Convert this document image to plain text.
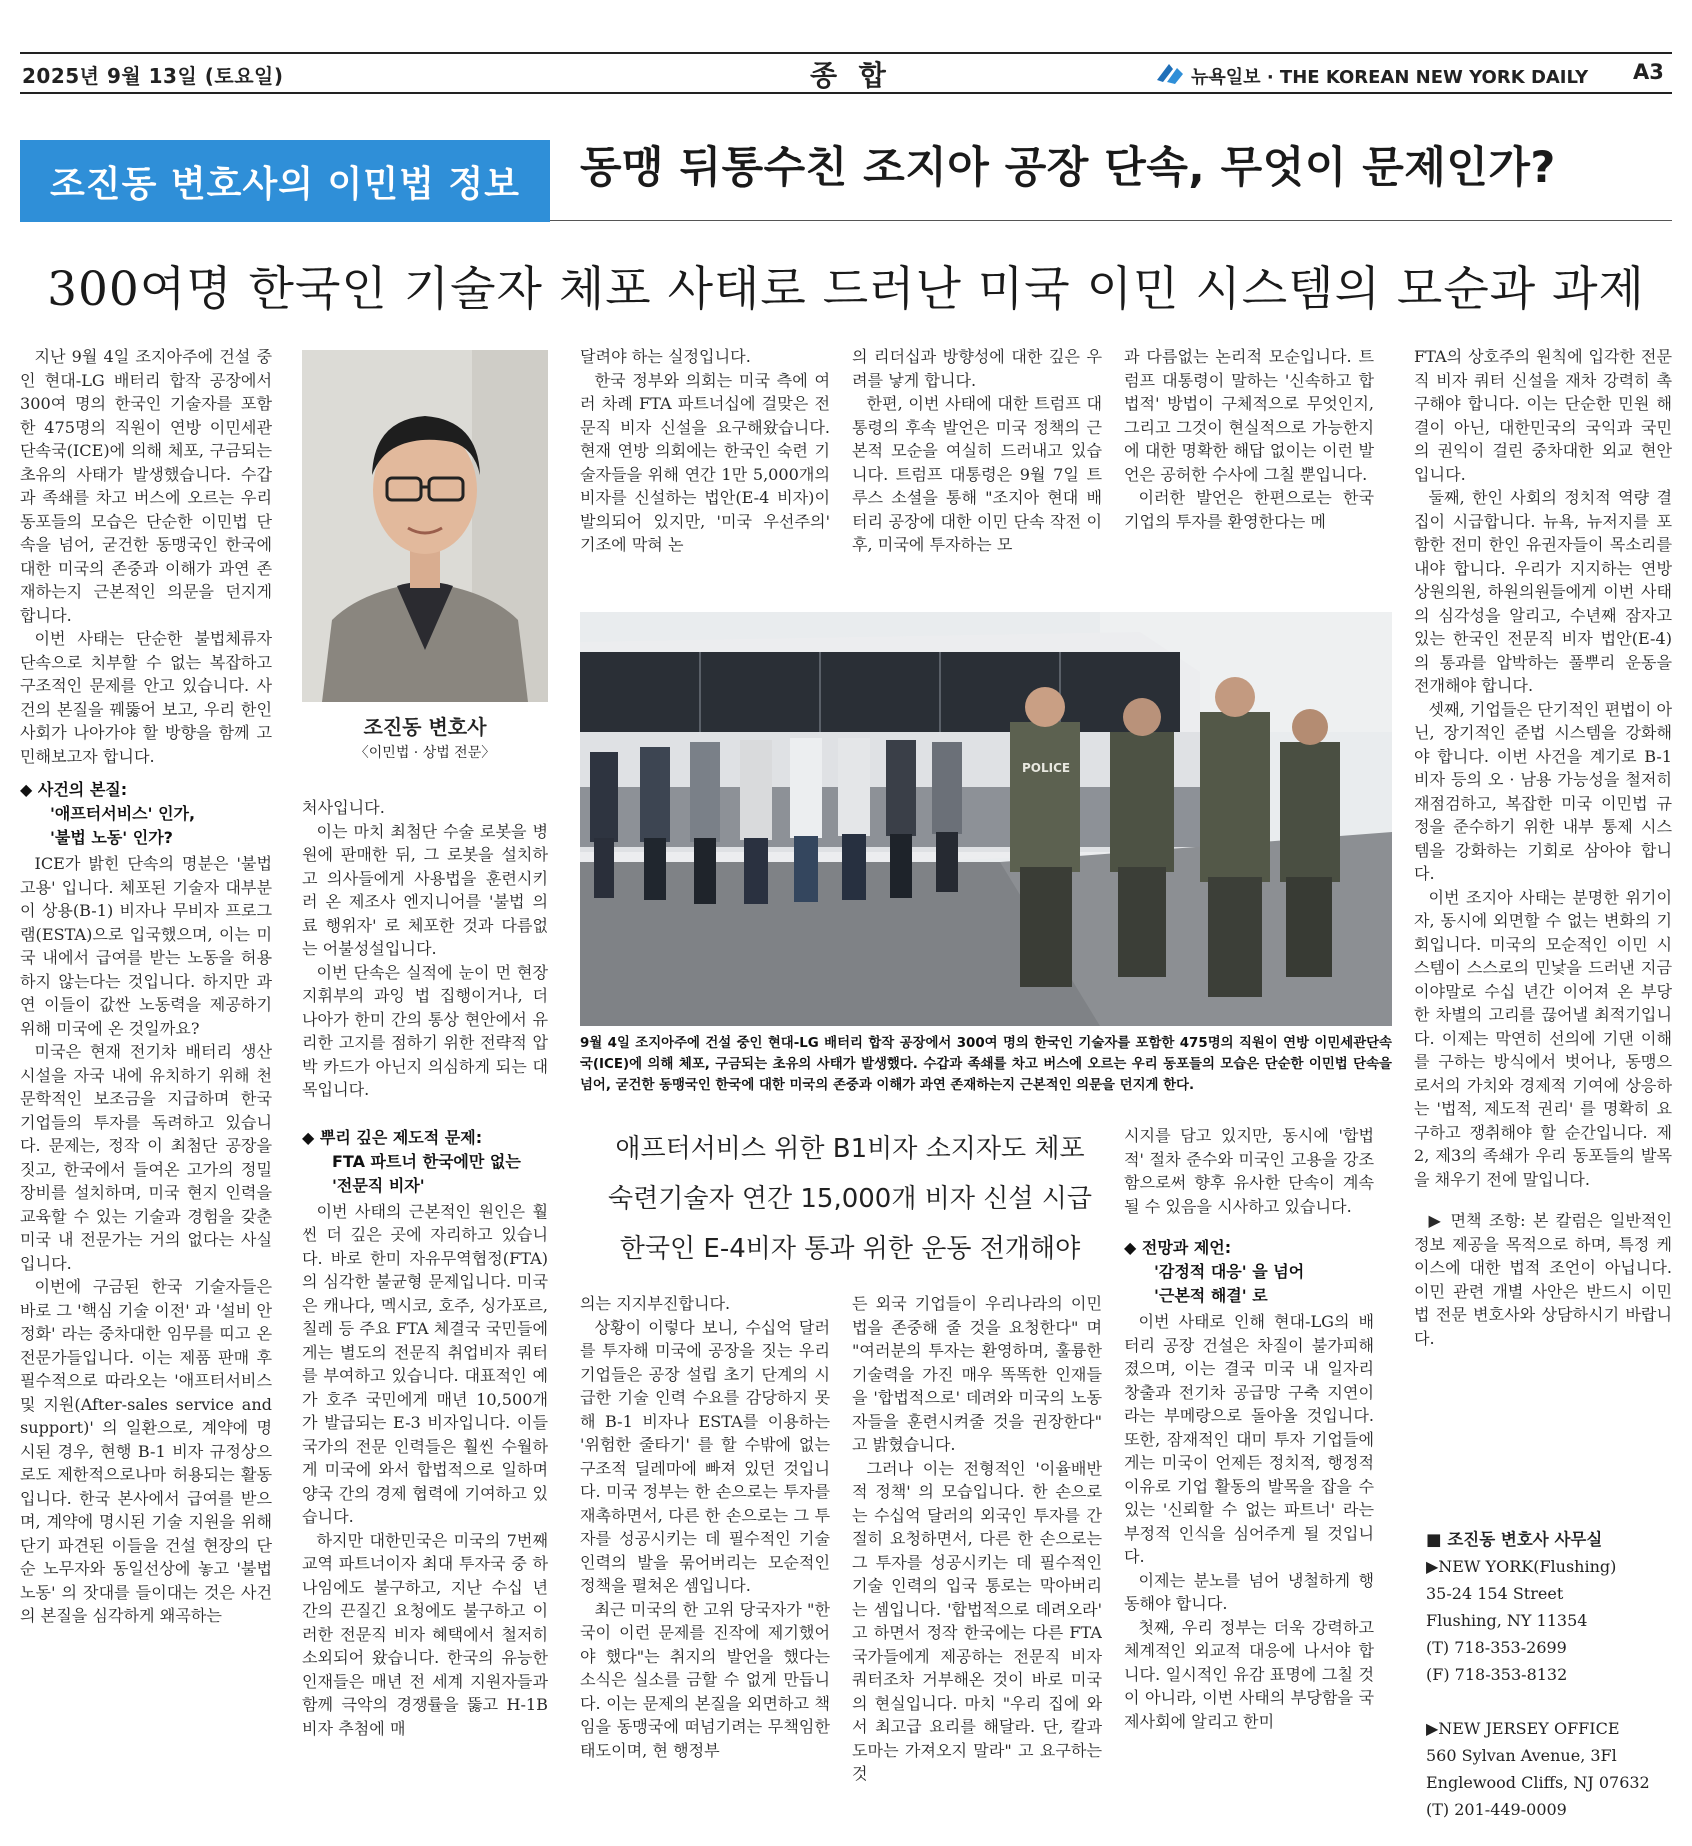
2025년 9월 13일 (토요일)	종 합	뉴욕일보 · THE KOREAN NEW YORK DAILY A3
조진동 변호사의 이민법 정보	동맹 뒤통수친 조지아 공장 단속, 무엇이 문제인가?
300여명 한국인 기술자 체포 사태로 드러난 미국 이민 시스템의 모순과 과제

지난 9월 4일 조지아주에 건설 중인 현대-LG 배터리 합작 공장에서 300여 명의 한국인 기술자를 포함한 475명의 직원이 연방 이민세관단속국(ICE)에 의해 체포, 구금되는 초유의 사태가 발생했습니다. 수갑과 족쇄를 차고 버스에 오르는 우리 동포들의 모습은 단순한 이민법 단속을 넘어, 굳건한 동맹국인 한국에 대한 미국의 존중과 이해가 과연 존재하는지 근본적인 의문을 던지게 합니다.

이번 사태는 단순한 불법체류자 단속으로 치부할 수 없는 복잡하고 구조적인 문제를 안고 있습니다. 사건의 본질을 꿰뚫어 보고, 우리 한인 사회가 나아가야 할 방향을 함께 고민해보고자 합니다.

◆ 사건의 본질:
'애프터서비스' 인가,
'불법 노동' 인가?

ICE가 밝힌 단속의 명분은 '불법 고용' 입니다. 체포된 기술자 대부분이 상용(B-1) 비자나 무비자 프로그램(ESTA)으로 입국했으며, 이는 미국 내에서 급여를 받는 노동을 허용하지 않는다는 것입니다. 하지만 과연 이들이 값싼 노동력을 제공하기 위해 미국에 온 것일까요?

미국은 현재 전기차 배터리 생산 시설을 자국 내에 유치하기 위해 천문학적인 보조금을 지급하며 한국 기업들의 투자를 독려하고 있습니다. 문제는, 정작 이 최첨단 공장을 짓고, 한국에서 들여온 고가의 정밀 장비를 설치하며, 미국 현지 인력을 교육할 수 있는 기술과 경험을 갖춘 미국 내 전문가는 거의 없다는 사실입니다.

이번에 구금된 한국 기술자들은 바로 그 '핵심 기술 이전' 과 '설비 안정화' 라는 중차대한 임무를 띠고 온 전문가들입니다. 이는 제품 판매 후 필수적으로 따라오는 '애프터서비스 및 지원(After-sales service and support)' 의 일환으로, 계약에 명시된 경우, 현행 B-1 비자 규정상으로도 제한적으로나마 허용되는 활동입니다. 한국 본사에서 급여를 받으며, 계약에 명시된 기술 지원을 위해 단기 파견된 이들을 건설 현장의 단순 노무자와 동일선상에 놓고 '불법 노동' 의 잣대를 들이대는 것은 사건의 본질을 심각하게 왜곡하는

조진동 변호사
〈이민법 · 상법 전문〉

처사입니다.

이는 마치 최첨단 수술 로봇을 병원에 판매한 뒤, 그 로봇을 설치하고 의사들에게 사용법을 훈련시키러 온 제조사 엔지니어를 '불법 의료 행위자' 로 체포한 것과 다름없는 어불성설입니다.

이번 단속은 실적에 눈이 먼 현장 지휘부의 과잉 법 집행이거나, 더 나아가 한미 간의 통상 현안에서 유리한 고지를 점하기 위한 전략적 압박 카드가 아닌지 의심하게 되는 대목입니다.

◆ 뿌리 깊은 제도적 문제:
FTA 파트너 한국에만 없는
'전문직 비자'

이번 사태의 근본적인 원인은 훨씬 더 깊은 곳에 자리하고 있습니다. 바로 한미 자유무역협정(FTA)의 심각한 불균형 문제입니다. 미국은 캐나다, 멕시코, 호주, 싱가포르, 칠레 등 주요 FTA 체결국 국민들에게는 별도의 전문직 취업비자 쿼터를 부여하고 있습니다. 대표적인 예가 호주 국민에게 매년 10,500개가 발급되는 E-3 비자입니다. 이들 국가의 전문 인력들은 훨씬 수월하게 미국에 와서 합법적으로 일하며 양국 간의 경제 협력에 기여하고 있습니다.

하지만 대한민국은 미국의 7번째 교역 파트너이자 최대 투자국 중 하나임에도 불구하고, 지난 수십 년 간의 끈질긴 요청에도 불구하고 이러한 전문직 비자 혜택에서 철저히 소외되어 왔습니다. 한국의 유능한 인재들은 매년 전 세계 지원자들과 함께 극악의 경쟁률을 뚫고 H-1B 비자 추첨에 매

달려야 하는 실정입니다.

한국 정부와 의회는 미국 측에 여러 차례 FTA 파트너십에 걸맞은 전문직 비자 신설을 요구해왔습니다. 현재 연방 의회에는 한국인 숙련 기술자들을 위해 연간 1만 5,000개의 비자를 신설하는 법안(E-4 비자)이 발의되어 있지만, '미국 우선주의' 기조에 막혀 논

의 리더십과 방향성에 대한 깊은 우려를 낳게 합니다.

한편, 이번 사태에 대한 트럼프 대통령의 후속 발언은 미국 정책의 근본적 모순을 여실히 드러내고 있습니다. 트럼프 대통령은 9월 7일 트루스 소셜을 통해 "조지아 현대 배터리 공장에 대한 이민 단속 작전 이후, 미국에 투자하는 모

과 다름없는 논리적 모순입니다. 트럼프 대통령이 말하는 '신속하고 합법적' 방법이 구체적으로 무엇인지, 그리고 그것이 현실적으로 가능한지에 대한 명확한 해답 없이는 이런 발언은 공허한 수사에 그칠 뿐입니다.

이러한 발언은 한편으로는 한국 기업의 투자를 환영한다는 메

POLICE
9월 4일 조지아주에 건설 중인 현대-LG 배터리 합작 공장에서 300여 명의 한국인 기술자를 포함한 475명의 직원이 연방 이민세관단속국(ICE)에 의해 체포, 구금되는 초유의 사태가 발생했다. 수갑과 족쇄를 차고 버스에 오르는 우리 동포들의 모습은 단순한 이민법 단속을 넘어, 굳건한 동맹국인 한국에 대한 미국의 존중과 이해가 과연 존재하는지 근본적인 의문을 던지게 한다.
애프터서비스 위한 B1비자 소지자도 체포
숙련기술자 연간 15,000개 비자 신설 시급
한국인 E-4비자 통과 위한 운동 전개해야

의는 지지부진합니다.

상황이 이렇다 보니, 수십억 달러를 투자해 미국에 공장을 짓는 우리 기업들은 공장 설립 초기 단계의 시급한 기술 인력 수요를 감당하지 못해 B-1 비자나 ESTA를 이용하는 '위험한 줄타기' 를 할 수밖에 없는 구조적 딜레마에 빠져 있던 것입니다. 미국 정부는 한 손으로는 투자를 재촉하면서, 다른 한 손으로는 그 투자를 성공시키는 데 필수적인 기술 인력의 발을 묶어버리는 모순적인 정책을 펼쳐온 셈입니다.

최근 미국의 한 고위 당국자가 "한국이 이런 문제를 진작에 제기했어야 했다"는 취지의 발언을 했다는 소식은 실소를 금할 수 없게 만듭니다. 이는 문제의 본질을 외면하고 책임을 동맹국에 떠넘기려는 무책임한 태도이며, 현 행정부

든 외국 기업들이 우리나라의 이민법을 존중해 줄 것을 요청한다" 며 "여러분의 투자는 환영하며, 훌륭한 기술력을 가진 매우 똑똑한 인재들을 '합법적으로' 데려와 미국의 노동자들을 훈련시켜줄 것을 권장한다" 고 밝혔습니다.

그러나 이는 전형적인 '이율배반적 정책' 의 모습입니다. 한 손으로는 수십억 달러의 외국인 투자를 간절히 요청하면서, 다른 한 손으로는 그 투자를 성공시키는 데 필수적인 기술 인력의 입국 통로는 막아버리는 셈입니다. '합법적으로 데려오라' 고 하면서 정작 한국에는 다른 FTA 국가들에게 제공하는 전문직 비자 쿼터조차 거부해온 것이 바로 미국의 현실입니다. 마치 "우리 집에 와서 최고급 요리를 해달라. 단, 칼과 도마는 가져오지 말라" 고 요구하는 것

시지를 담고 있지만, 동시에 '합법적' 절차 준수와 미국인 고용을 강조함으로써 향후 유사한 단속이 계속될 수 있음을 시사하고 있습니다.

◆ 전망과 제언:
'감정적 대응' 을 넘어
'근본적 해결' 로

이번 사태로 인해 현대-LG의 배터리 공장 건설은 차질이 불가피해졌으며, 이는 결국 미국 내 일자리 창출과 전기차 공급망 구축 지연이라는 부메랑으로 돌아올 것입니다. 또한, 잠재적인 대미 투자 기업들에게는 미국이 언제든 정치적, 행정적 이유로 기업 활동의 발목을 잡을 수 있는 '신뢰할 수 없는 파트너' 라는 부정적 인식을 심어주게 될 것입니다.

이제는 분노를 넘어 냉철하게 행동해야 합니다.

첫째, 우리 정부는 더욱 강력하고 체계적인 외교적 대응에 나서야 합니다. 일시적인 유감 표명에 그칠 것이 아니라, 이번 사태의 부당함을 국제사회에 알리고 한미

FTA의 상호주의 원칙에 입각한 전문직 비자 쿼터 신설을 재차 강력히 촉구해야 합니다. 이는 단순한 민원 해결이 아닌, 대한민국의 국익과 국민의 권익이 걸린 중차대한 외교 현안입니다.

둘째, 한인 사회의 정치적 역량 결집이 시급합니다. 뉴욕, 뉴저지를 포함한 전미 한인 유권자들이 목소리를 내야 합니다. 우리가 지지하는 연방 상원의원, 하원의원들에게 이번 사태의 심각성을 알리고, 수년째 잠자고 있는 한국인 전문직 비자 법안(E-4)의 통과를 압박하는 풀뿌리 운동을 전개해야 합니다.

셋째, 기업들은 단기적인 편법이 아닌, 장기적인 준법 시스템을 강화해야 합니다. 이번 사건을 계기로 B-1 비자 등의 오 · 남용 가능성을 철저히 재점검하고, 복잡한 미국 이민법 규정을 준수하기 위한 내부 통제 시스템을 강화하는 기회로 삼아야 합니다.

이번 조지아 사태는 분명한 위기이자, 동시에 외면할 수 없는 변화의 기회입니다. 미국의 모순적인 이민 시스템이 스스로의 민낯을 드러낸 지금 이야말로 수십 년간 이어져 온 부당한 차별의 고리를 끊어낼 최적기입니다. 이제는 막연히 선의에 기댄 이해를 구하는 방식에서 벗어나, 동맹으로서의 가치와 경제적 기여에 상응하는 '법적, 제도적 권리' 를 명확히 요구하고 쟁취해야 할 순간입니다. 제2, 제3의 족쇄가 우리 동포들의 발목을 채우기 전에 말입니다.

▶ 면책 조항: 본 칼럼은 일반적인 정보 제공을 목적으로 하며, 특정 케이스에 대한 법적 조언이 아닙니다. 이민 관련 개별 사안은 반드시 이민법 전문 변호사와 상담하시기 바랍니다.

■ 조진동 변호사 사무실
▶NEW YORK(Flushing)
35-24 154 Street
Flushing, NY 11354
(T) 718-353-2699
(F) 718-353-8132
▶NEW JERSEY OFFICE
560 Sylvan Avenue, 3Fl
Englewood Cliffs, NJ 07632
(T) 201-449-0009
